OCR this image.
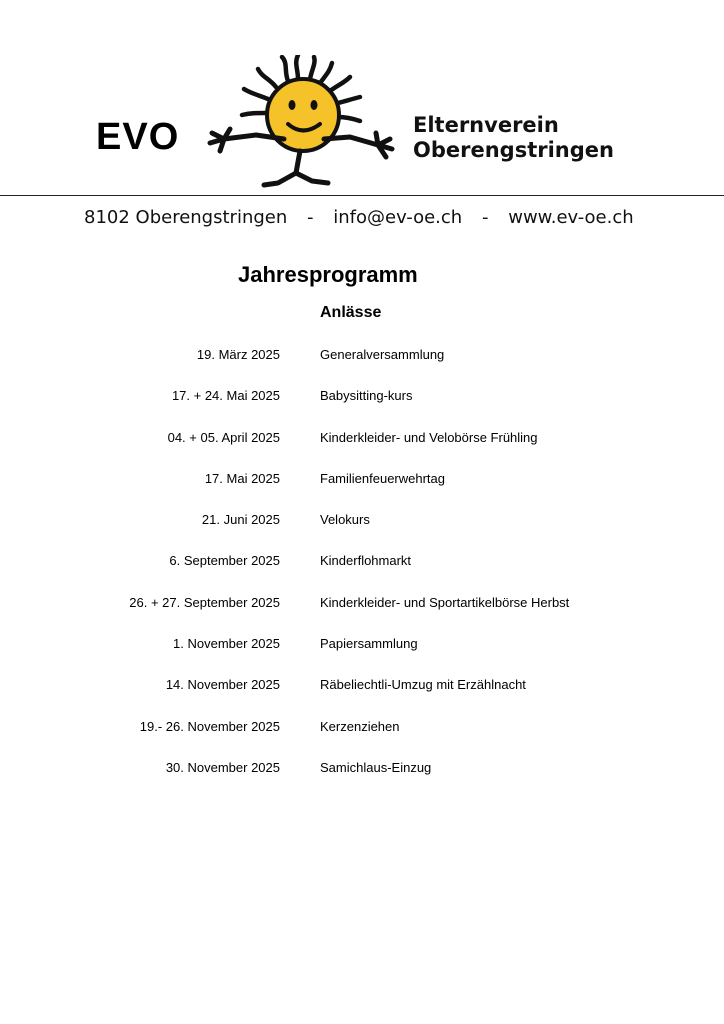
EVO	Elternverein
Oberengstringen
8102 Oberengstringen - info@ev-oe.ch - www.ev-oe.ch
Jahresprogramm
Anlässe
19. März 2025	Generalversammlung
17. + 24. Mai 2025	Babysitting-kurs
04. + 05. April 2025	Kinderkleider- und Velobörse Frühling
17. Mai 2025	Familienfeuerwehrtag
21. Juni 2025	Velokurs
6. September 2025	Kinderflohmarkt
26. + 27. September 2025	Kinderkleider- und Sportartikelbörse Herbst
1. November 2025	Papiersammlung
14. November 2025	Räbeliechtli-Umzug mit Erzählnacht
19.- 26. November 2025	Kerzenziehen
30. November 2025	Samichlaus-Einzug
